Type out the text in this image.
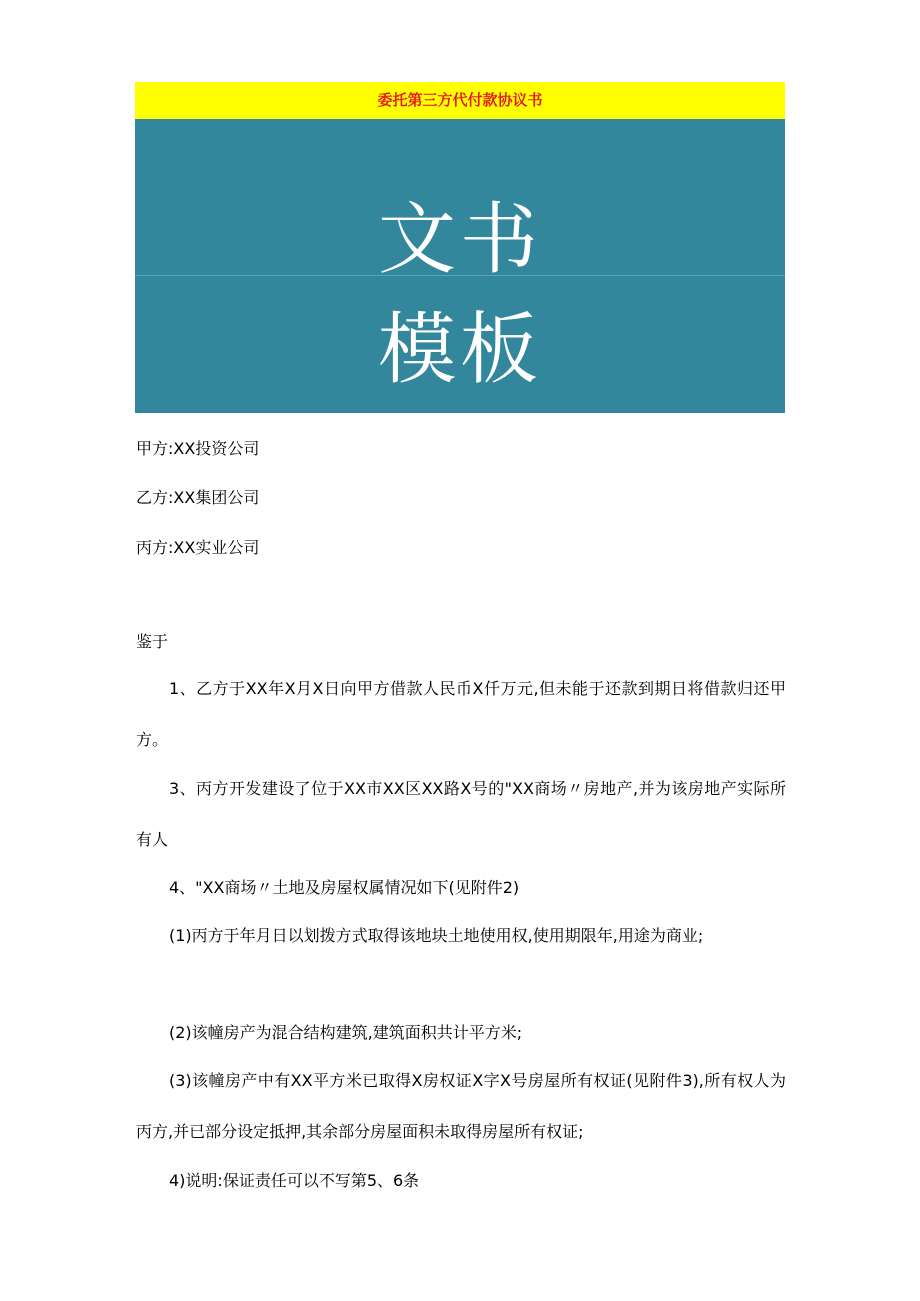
委托第三方代付款协议书
文书
模板
甲方:XX投资公司
乙方:XX集团公司
丙方:XX实业公司
鉴于
1、乙方于XX年X月X日向甲方借款人民币X仟万元,但未能于还款到期日将借款归还甲方。
3、丙方开发建设了位于XX市XX区XX路X号的"XX商场〃房地产,并为该房地产实际所有人
4、"XX商场〃土地及房屋权属情况如下(见附件2)
(1)丙方于年月日以划拨方式取得该地块土地使用权,使用期限年,用途为商业;
(2)该幢房产为混合结构建筑,建筑面积共计平方米;
(3)该幢房产中有XX平方米已取得X房权证X字X号房屋所有权证(见附件3),所有权人为丙方,并已部分设定抵押,其余部分房屋面积未取得房屋所有权证;
4)说明:保证责任可以不写第5、6条
